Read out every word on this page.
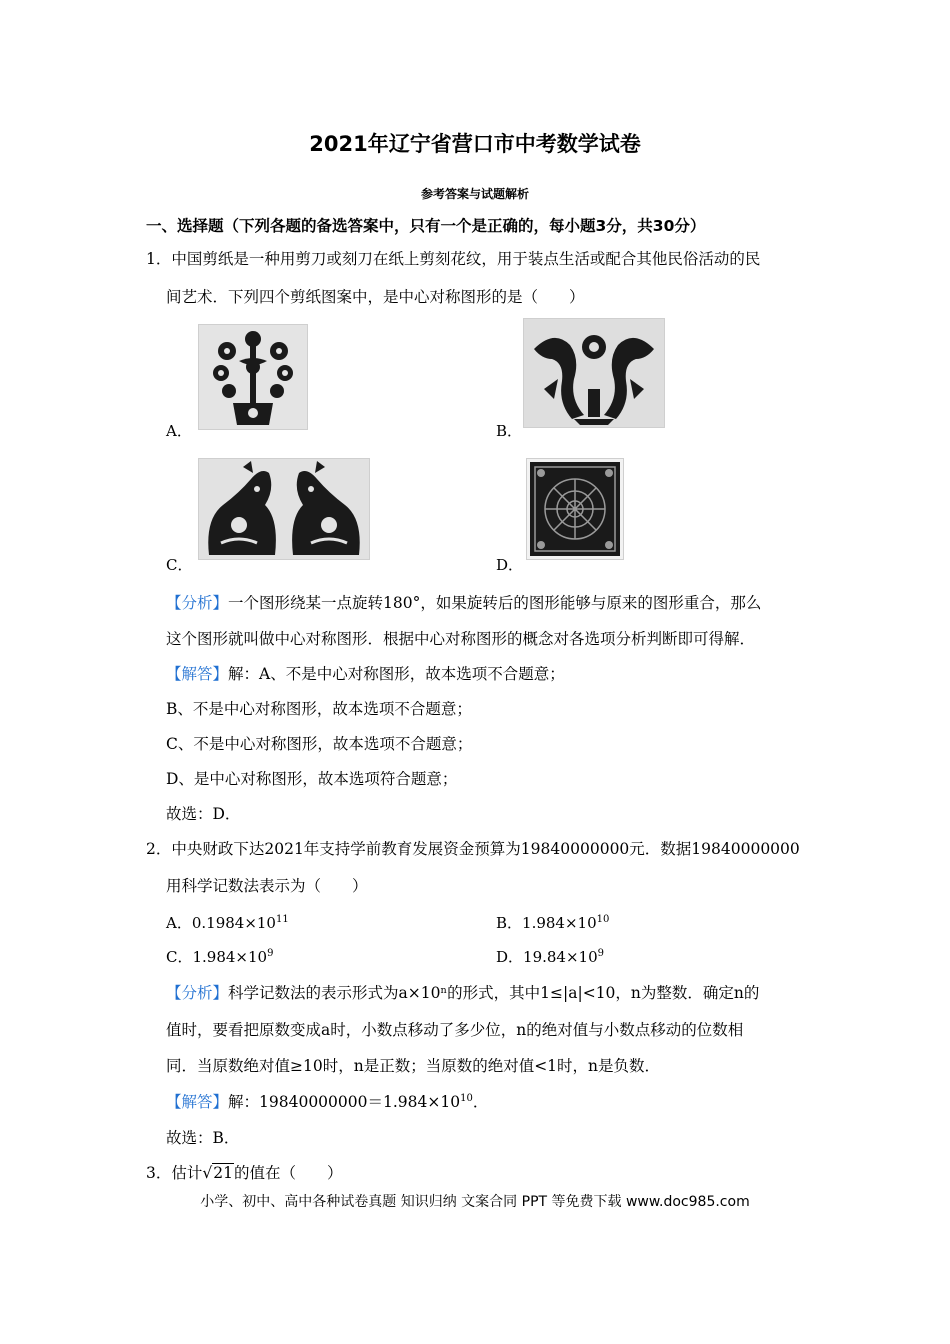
2021年辽宁省营口市中考数学试卷
参考答案与试题解析
一、选择题（下列各题的备选答案中，只有一个是正确的，每小题3分，共30分）
1．中国剪纸是一种用剪刀或刻刀在纸上剪刻花纹，用于装点生活或配合其他民俗活动的民
间艺术．下列四个剪纸图案中，是中心对称图形的是（　　）
A．	B．
C．	D．
【分析】一个图形绕某一点旋转180°，如果旋转后的图形能够与原来的图形重合，那么
这个图形就叫做中心对称图形．根据中心对称图形的概念对各选项分析判断即可得解．
【解答】解：A、不是中心对称图形，故本选项不合题意；
B、不是中心对称图形，故本选项不合题意；
C、不是中心对称图形，故本选项不合题意；
D、是中心对称图形，故本选项符合题意；
故选：D．
2．中央财政下达2021年支持学前教育发展资金预算为19840000000元．数据19840000000
用科学记数法表示为（　　）
A．$0.1984\times 10^{11}$	B．$1.984\times 10^{10}$
C．$1.984\times 10^9$	D．$19.84\times 10^9$
【分析】科学记数法的表示形式为a×10ⁿ的形式，其中1≤|a|<10，n为整数．确定n的
值时，要看把原数变成a时，小数点移动了多少位，n的绝对值与小数点移动的位数相
同．当原数绝对值≥10时，n是正数；当原数的绝对值<1时，n是负数．
【解答】解：$19840000000=1.984\times 10^{10}$．
故选：B．
3．估计√21的值在（　　）
小学、初中、高中各种试卷真题 知识归纳 文案合同 PPT 等免费下载 www.doc985.com
